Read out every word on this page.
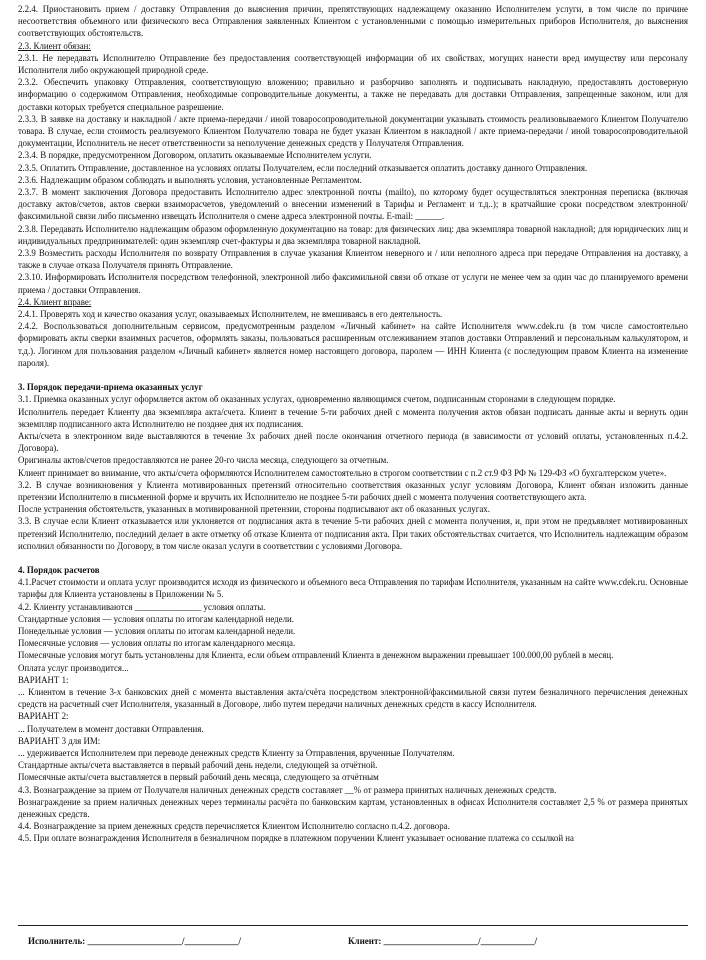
2.2.4. Приостановить прием / доставку Отправления до выяснения причин, препятствующих надлежащему оказанию Исполнителем услуги, в том числе по причине несоответствия объемного или физического веса Отправления заявленных Клиентом с установленными с помощью измерительных приборов Исполнителя, до выяснения соответствующих обстоятельств.

2.3. Клиент обязан:

2.3.1. Не передавать Исполнителю Отправление без предоставления соответствующей информации об их свойствах, могущих нанести вред имуществу или персоналу Исполнителя либо окружающей природной среде.

2.3.2. Обеспечить упаковку Отправления, соответствующую вложению; правильно и разборчиво заполнять и подписывать накладную, предоставлять достоверную информацию о содержимом Отправления, необходимые сопроводительные документы, а также не передавать для доставки Отправления, запрещенные законом, или для доставки которых требуется специальное разрешение.

2.3.3. В заявке на доставку и накладной / акте приема-передачи / иной товаросопроводительной документации указывать стоимость реализовываемого Клиентом Получателю товара. В случае, если стоимость реализуемого Клиентом Получателю товара не будет указан Клиентом в накладной / акте приема-передачи / иной товаросопроводительной документации, Исполнитель не несет ответственности за неполучение денежных средств у Получателя Отправления.

2.3.4. В порядке, предусмотренном Договором, оплатить оказываемые Исполнителем услуги.

2.3.5. Оплатить Отправление, доставленное на условиях оплаты Получателем, если последний отказывается оплатить доставку данного Отправления.

2.3.6. Надлежащим образом соблюдать и выполнять условия, установленные Регламентом.

2.3.7. В момент заключения Договора предоставить Исполнителю адрес электронной почты (mailto), по которому будет осуществляться электронная переписка (включая доставку актов/счетов, актов сверки взаиморасчетов, уведомлений о внесении изменений в Тарифы и Регламент и т.д..); в кратчайшие сроки посредством электронной/ факсимильной связи либо письменно извещать Исполнителя о смене адреса электронной почты. E-mail: ______.

2.3.8. Передавать Исполнителю надлежащим образом оформленную документацию на товар: для физических лиц: два экземпляра товарной накладной; для юридических лиц и индивидуальных предпринимателей: один экземпляр счет-фактуры и два экземпляра товарной накладной.

2.3.9 Возместить расходы Исполнителя по возврату Отправления в случае указания Клиентом неверного и / или неполного адреса при передаче Отправления на доставку, а также в случае отказа Получателя принять Отправление.

2.3.10. Информировать Исполнителя посредством телефонной, электронной либо факсимильной связи об отказе от услуги не менее чем за один час до планируемого времени приема / доставки Отправления.

2.4. Клиент вправе:

2.4.1. Проверять ход и качество оказания услуг, оказываемых Исполнителем, не вмешиваясь в его деятельность.

2.4.2. Воспользоваться дополнительным сервисом, предусмотренным разделом «Личный кабинет» на сайте Исполнителя www.cdek.ru (в том числе самостоятельно формировать акты сверки взаимных расчетов, оформлять заказы, пользоваться расширенным отслеживанием этапов доставки Отправлений и персональным калькулятором, и т.д.). Логином для пользования разделом «Личный кабинет» является номер настоящего договора, паролем — ИНН Клиента (с последующим правом Клиента на изменение пароля).

3. Порядок передачи-приема оказанных услуг

3.1. Приемка оказанных услуг оформляется актом об оказанных услугах, одновременно являющимся счетом, подписанным сторонами в следующем порядке.

Исполнитель передает Клиенту два экземпляра акта/счета. Клиент в течение 5-ти рабочих дней с момента получения актов обязан подписать данные акты и вернуть один экземпляр подписанного акта Исполнителю не позднее дня их подписания.

Акты/счета в электронном виде выставляются в течение 3х рабочих дней после окончания отчетного периода (в зависимости от условий оплаты, установленных п.4.2. Договора).

Оригиналы актов/счетов предоставляются не ранее 20-го числа месяца, следующего за отчетным.

Клиент принимает во внимание, что акты/счета оформляются Исполнителем самостоятельно в строгом соответствии с п.2 ст.9 ФЗ РФ № 129-ФЗ «О бухгалтерском учете».

3.2. В случае возникновения у Клиента мотивированных претензий относительно соответствия оказанных услуг условиям Договора, Клиент обязан изложить данные претензии Исполнителю в письменной форме и вручить их Исполнителю не позднее 5-ти рабочих дней с момента получения соответствующего акта.

После устранения обстоятельств, указанных в мотивированной претензии, стороны подписывают акт об оказанных услугах.

3.3. В случае если Клиент отказывается или уклоняется от подписания акта в течение 5-ти рабочих дней с момента получения, и, при этом не предъявляет мотивированных претензий Исполнителю, последний делает в акте отметку об отказе Клиента от подписания акта. При таких обстоятельствах считается, что Исполнитель надлежащим образом исполнил обязанности по Договору, в том числе оказал услуги в соответствии с условиями Договора.

4. Порядок расчетов

4.1.Расчет стоимости и оплата услуг производится исходя из физического и объемного веса Отправления по тарифам Исполнителя, указанным на сайте www.cdek.ru. Основные тарифы для Клиента установлены в Приложении № 5.

4.2. Клиенту устанавливаются _______________ условия оплаты.

Стандартные условия — условия оплаты по итогам календарной недели.

Понедельные условия — условия оплаты по итогам календарной недели.

Помесячные условия — условия оплаты по итогам календарного месяца.

Помесячные условия могут быть установлены для Клиента, если объем отправлений Клиента в денежном выражении превышает 100.000,00 рублей в месяц.

Оплата услуг производится...

ВАРИАНТ 1:

... Клиентом в течение 3-х банковских дней с момента выставления акта/счёта посредством электронной/факсимильной связи путем безналичного перечисления денежных средств на расчетный счет Исполнителя, указанный в Договоре, либо путем передачи наличных денежных средств в кассу Исполнителя.

ВАРИАНТ 2:

... Получателем в момент доставки Отправления.

ВАРИАНТ 3 для ИМ:

... удерживается Исполнителем при переводе денежных средств Клиенту за Отправления, врученные Получателям.

Стандартные акты/счета выставляется в первый рабочий день недели, следующей за отчётной.

Помесячные акты/счета выставляется в первый рабочий день месяца, следующего за отчётным

4.3. Вознаграждение за прием от Получателя наличных денежных средств составляет __% от размера принятых наличных денежных средств.

Вознаграждение за прием наличных денежных через терминалы расчёта по банковским картам, установленных в офисах Исполнителя составляет 2,5 % от размера принятых денежных средств.

4.4. Вознаграждение за прием денежных средств перечисляется Клиентом Исполнителю согласно п.4.2. договора.

4.5. При оплате вознаграждения Исполнителя в безналичном порядке в платежном поручении Клиент указывает основание платежа со ссылкой на

Исполнитель: _____________________/____________/	Клиент: _____________________/____________/
